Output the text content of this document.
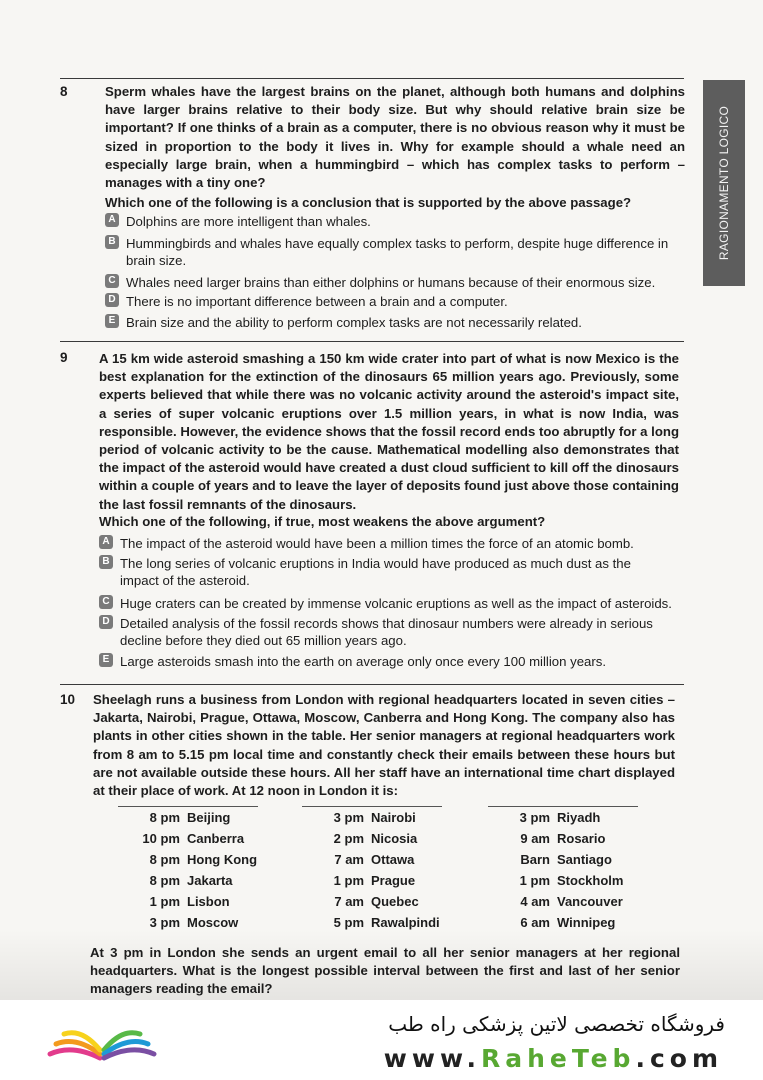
RAGIONAMENTO LOGICO
8	Sperm whales have the largest brains on the planet, although both humans and dolphins have larger brains relative to their body size. But why should relative brain size be important? If one thinks of a brain as a computer, there is no obvious reason why it must be sized in proportion to the body it lives in. Why for example should a whale need an especially large brain, when a hummingbird – which has complex tasks to perform – manages with a tiny one?

Which one of the following is a conclusion that is supported by the above passage?

A Dolphins are more intelligent than whales.
B Hummingbirds and whales have equally complex tasks to perform, despite huge difference in brain size.
C Whales need larger brains than either dolphins or humans because of their enormous size.
D There is no important difference between a brain and a computer.
E Brain size and the ability to perform complex tasks are not necessarily related.
9 A 15 km wide asteroid smashing a 150 km wide crater into part of what is now Mexico is the best explanation for the extinction of the dinosaurs 65 million years ago. Previously, some experts believed that while there was no volcanic activity around the asteroid's impact site, a series of super volcanic eruptions over 1.5 million years, in what is now India, was responsible. However, the evidence shows that the fossil record ends too abruptly for a long period of volcanic activity to be the cause. Mathematical modelling also demonstrates that the impact of the asteroid would have created a dust cloud sufficient to kill off the dinosaurs within a couple of years and to leave the layer of deposits found just above those containing the last fossil remnants of the dinosaurs.

Which one of the following, if true, most weakens the above argument?

A The impact of the asteroid would have been a million times the force of an atomic bomb.
B The long series of volcanic eruptions in India would have produced as much dust as the impact of the asteroid.
C Huge craters can be created by immense volcanic eruptions as well as the impact of asteroids.
D Detailed analysis of the fossil records shows that dinosaur numbers were already in serious decline before they died out 65 million years ago.
E Large asteroids smash into the earth on average only once every 100 million years.
10 Sheelagh runs a business from London with regional headquarters located in seven cities – Jakarta, Nairobi, Prague, Ottawa, Moscow, Canberra and Hong Kong. The company also has plants in other cities shown in the table. Her senior managers at regional headquarters work from 8 am to 5.15 pm local time and constantly check their emails between these hours but are not available outside these hours. All her staff have an international time chart displayed at their place of work. At 12 noon in London it is:

8 pm Beijing
10 pm Canberra
8 pm Hong Kong
8 pm Jakarta
1 pm Lisbon
3 pm Moscow
3 pm Nairobi
2 pm Nicosia
7 am Ottawa
1 pm Prague
7 am Quebec
5 pm Rawalpindi
3 pm Riyadh
9 am Rosario
Barn Santiago
1 pm Stockholm
4 am Vancouver
6 am Winnipeg

At 3 pm in London she sends an urgent email to all her senior managers at her regional headquarters. What is the longest possible interval between the first and last of her senior managers reading the email?

فروشگاه تخصصی لاتین پزشکی راه طب
www.RaheTeb.com
